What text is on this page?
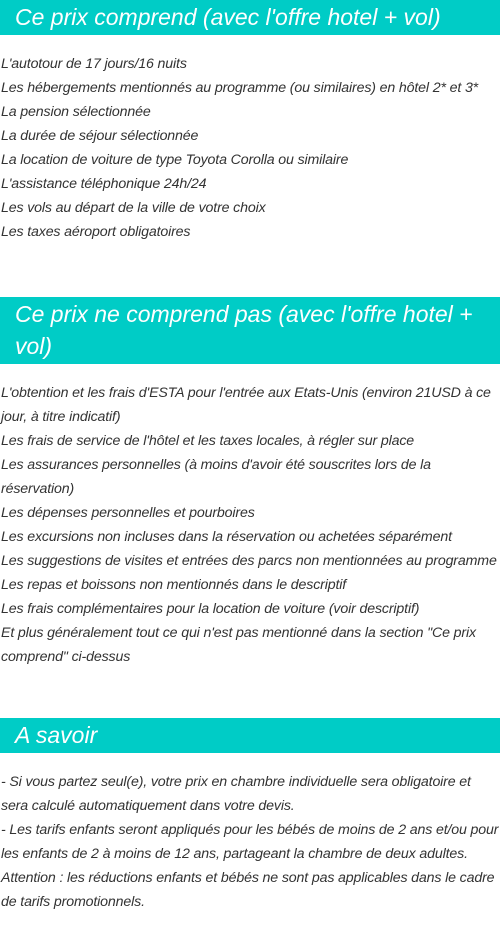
Ce prix comprend (avec l'offre hotel + vol)
L'autotour de 17 jours/16 nuits
Les hébergements mentionnés au programme (ou similaires) en hôtel 2* et 3*
La pension sélectionnée
La durée de séjour sélectionnée
La location de voiture de type Toyota Corolla ou similaire
L'assistance téléphonique 24h/24
Les vols au départ de la ville de votre choix
Les taxes aéroport obligatoires
Ce prix ne comprend pas (avec l'offre hotel + vol)
L'obtention et les frais d'ESTA pour l'entrée aux Etats-Unis (environ 21USD à ce jour, à titre indicatif)
Les frais de service de l'hôtel et les taxes locales, à régler sur place
Les assurances personnelles (à moins d'avoir été souscrites lors de la réservation)
Les dépenses personnelles et pourboires
Les excursions non incluses dans la réservation ou achetées séparément
Les suggestions de visites et entrées des parcs non mentionnées au programme
Les repas et boissons non mentionnés dans le descriptif
Les frais complémentaires pour la location de voiture (voir descriptif)
Et plus généralement tout ce qui n'est pas mentionné dans la section "Ce prix comprend" ci-dessus
A savoir
- Si vous partez seul(e), votre prix en chambre individuelle sera obligatoire et sera calculé automatiquement dans votre devis.
- Les tarifs enfants seront appliqués pour les bébés de moins de 2 ans et/ou pour les enfants de 2 à moins de 12 ans, partageant la chambre de deux adultes.
Attention : les réductions enfants et bébés ne sont pas applicables dans le cadre de tarifs promotionnels.
